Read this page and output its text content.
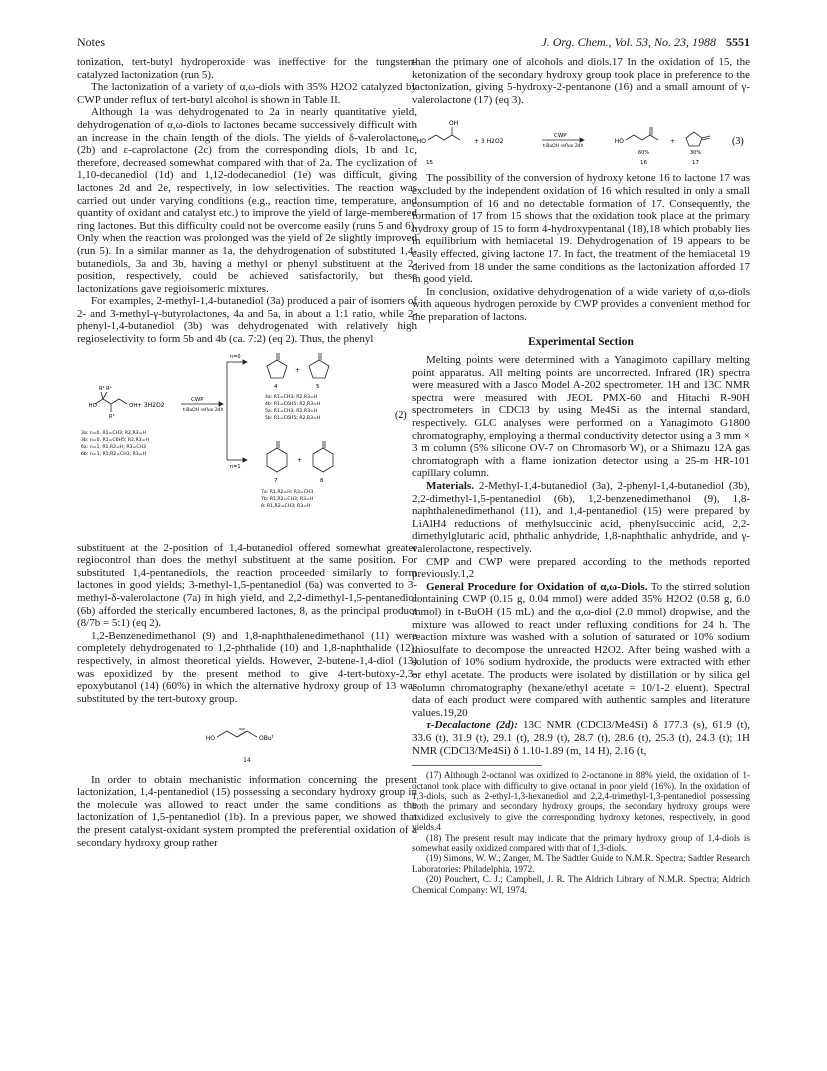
Notes	J. Org. Chem., Vol. 53, No. 23, 1988 5551

tonization, tert-butyl hydroperoxide was ineffective for the tungsten-catalyzed lactonization (run 5).

The lactonization of a variety of α,ω-diols with 35% H2O2 catalyzed by CWP under reflux of tert-butyl alcohol is shown in Table II.

Although 1a was dehydrogenated to 2a in nearly quantitative yield, dehydrogenation of α,ω-diols to lactones became successively difficult with an increase in the chain length of the diols. The yields of δ-valerolactone (2b) and ε-caprolactone (2c) from the corresponding diols, 1b and 1c, therefore, decreased somewhat compared with that of 2a. The cyclization of 1,10-decanediol (1d) and 1,12-dodecanediol (1e) was difficult, giving lactones 2d and 2e, respectively, in low selectivities. The reaction was carried out under varying conditions (e.g., reaction time, temperature, and quantity of oxidant and catalyst etc.) to improve the yield of large-membered ring lactones. But this difficulty could not be overcome easily (runs 5 and 6). Only when the reaction was prolonged was the yield of 2e slightly improved (run 5). In a similar manner as 1a, the dehydrogenation of substituted 1,4-butanediols, 3a and 3b, having a methyl or phenyl substituent at the 2-position, respectively, could be achieved satisfactorily, but these lactonizations gave regioisomeric mixtures.

For examples, 2-methyl-1,4-butanediol (3a) produced a pair of isomers of 2- and 3-methyl-γ-butyrolactones, 4a and 5a, in about a 1:1 ratio, while 2-phenyl-1,4-butanediol (3b) was dehydrogenated with relatively high regioselectivity to form 5b and 4b (ca. 7:2) (eq 2). Thus, the phenyl

HO	OH
R¹ R²
R³
+ 3H2O2
CWP
t-BuOH reflux 24h
n=0
n=1
+
+
4	5
7	8
4a: R1=CH3; R2,R3=H
4b: R1=C6H5; R2,R3=H
5a: R1=CH3; R2,R3=H
5b: R1=C6H5; R2,R3=H
3a: n=0, R1=CH3; R2,R3=H
3b: n=0, R1=C6H5; R2,R3=H
6a: n=1, R1,R2=H; R3=CH3
6b: n=1, R1,R2=CH3; R3=H
7a: R1,R2=H; R3=CH3
7b: R1,R2=CH3; R3=H
8: R1,R2=CH3; R3=H
(2)

substituent at the 2-position of 1,4-butanediol offered somewhat greater regiocontrol than does the methyl substituent at the same position. For substituted 1,4-pentanediols, the reaction proceeded similarly to form lactones in good yields; 3-methyl-1,5-pentanediol (6a) was converted to 3-methyl-δ-valerolactone (7a) in high yield, and 2,2-dimethyl-1,5-pentanediol (6b) afforded the sterically encumbered lactones, 8, as the principal product (8/7b = 5:1) (eq 2).

1,2-Benzenedimethanol (9) and 1,8-naphthalenedimethanol (11) were completely dehydrogenated to 1,2-phthalide (10) and 1,8-naphthalide (12), respectively, in almost theoretical yields. However, 2-butene-1,4-diol (13) was epoxidized by the present method to give 4-tert-butoxy-2,3-epoxybutanol (14) (60%) in which the alternative hydroxy group of 13 was substituted by the tert-butoxy group.

HO	OBu$^t$
14

In order to obtain mechanistic information concerning the present lactonization, 1,4-pentanediol (15) possessing a secondary hydroxy group in the molecule was allowed to react under the same conditions as the lactonization of 1,5-pentanediol (1b). In a previous paper, we showed that the present catalyst-oxidant system prompted the preferential oxidation of a secondary hydroxy group rather

than the primary one of alcohols and diols.17 In the oxidation of 15, the ketonization of the secondary hydroxy group took place in preference to the lactonization, giving 5-hydroxy-2-pentanone (16) and a small amount of γ-valerolactone (17) (eq 3).

HO
OH
+ 3 H2O2
CWP
t-BuOH reflux 24h
HO	+
60%	30%
15	16	17
(3)

The possibility of the conversion of hydroxy ketone 16 to lactone 17 was excluded by the independent oxidation of 16 which resulted in only a small consumption of 16 and no detectable formation of 17. Consequently, the formation of 17 from 15 shows that the oxidation took place at the primary hydroxy group of 15 to form 4-hydroxypentanal (18),18 which probably lies in equilibrium with hemiacetal 19. Dehydrogenation of 19 appears to be easily effected, giving lactone 17. In fact, the treatment of the hemiacetal 19 derived from 18 under the same conditions as the lactonization afforded 17 in good yield.

In conclusion, oxidative dehydrogenation of a wide variety of α,ω-diols with aqueous hydrogen peroxide by CWP provides a convenient method for the preparation of lactons.

Experimental Section

Melting points were determined with a Yanagimoto capillary melting point apparatus. All melting points are uncorrected. Infrared (IR) spectra were measured with a Jasco Model A-202 spectrometer. 1H and 13C NMR spectra were measured with JEOL PMX-60 and Hitachi R-90H spectrometers in CDCl3 by using Me4Si as the internal standard, respectively. GLC analyses were performed on a Yanagimoto G1800 chromatography, employing a thermal conductivity detector using a 3 mm × 3 m column (5% silicone OV-7 on Chromasorb W), or a Shimazu 12A gas chromatograph with a flame ionization detector using a 25-m HR-101 capillary column.

Materials. 2-Methyl-1,4-butanediol (3a), 2-phenyl-1,4-butanediol (3b), 2,2-dimethyl-1,5-pentanediol (6b), 1,2-benzenedimethanol (9), 1,8-naphthalenedimethanol (11), and 1,4-pentanediol (15) were prepared by LiAlH4 reductions of methylsuccinic acid, phenylsuccinic acid, 2,2-dimethylglutaric acid, phthalic anhydride, 1,8-naphthalic anhydride, and γ-valerolactone, respectively.

CMP and CWP were prepared according to the methods reported previously.1,2

General Procedure for Oxidation of α,ω-Diols. To the stirred solution containing CWP (0.15 g, 0.04 mmol) were added 35% H2O2 (0.58 g, 6.0 mmol) in t-BuOH (15 mL) and the α,ω-diol (2.0 mmol) dropwise, and the mixture was allowed to react under refluxing conditions for 24 h. The reaction mixture was washed with a solution of saturated or 10% sodium thiosulfate to decompose the unreacted H2O2. After being washed with a solution of 10% sodium hydroxide, the products were extracted with ether or ethyl acetate. The products were isolated by distillation or by silica gel column chromatography (hexane/ethyl acetate = 10/1-2 eluent). Spectral data of each product were compared with authentic samples and literature values.19,20

τ-Decalactone (2d): 13C NMR (CDCl3/Me4Si) δ 177.3 (s), 61.9 (t), 33.6 (t), 31.9 (t), 29.1 (t), 28.9 (t), 28.7 (t), 28.6 (t), 25.3 (t), 24.3 (t); 1H NMR (CDCl3/Me4Si) δ 1.10-1.89 (m, 14 H), 2.16 (t,

(17) Although 2-octanol was oxidized to 2-octanone in 88% yield, the oxidation of 1-octanol took place with difficulty to give octanal in poor yield (16%). In the oxidation of 1,3-diols, such as 2-ethyl-1,3-hexanediol and 2,2,4-trimethyl-1,3-pentanediol possessing both the primary and secondary hydroxy groups, the secondary hydroxy groups were oxidized exclusively to give the corresponding hydroxy ketones, respectively, in good yields.4

(18) The present result may indicate that the primary hydroxy group of 1,4-diols is somewhat easily oxidized compared with that of 1,3-diols.

(19) Simons, W. W.; Zanger, M. The Sadtler Guide to N.M.R. Spectra; Sadtler Research Laboratories: Philadelphia, 1972.

(20) Pouchert, C. J.; Campbell, J. R. The Aldrich Library of N.M.R. Spectra; Aldrich Chemical Company: WI, 1974.
